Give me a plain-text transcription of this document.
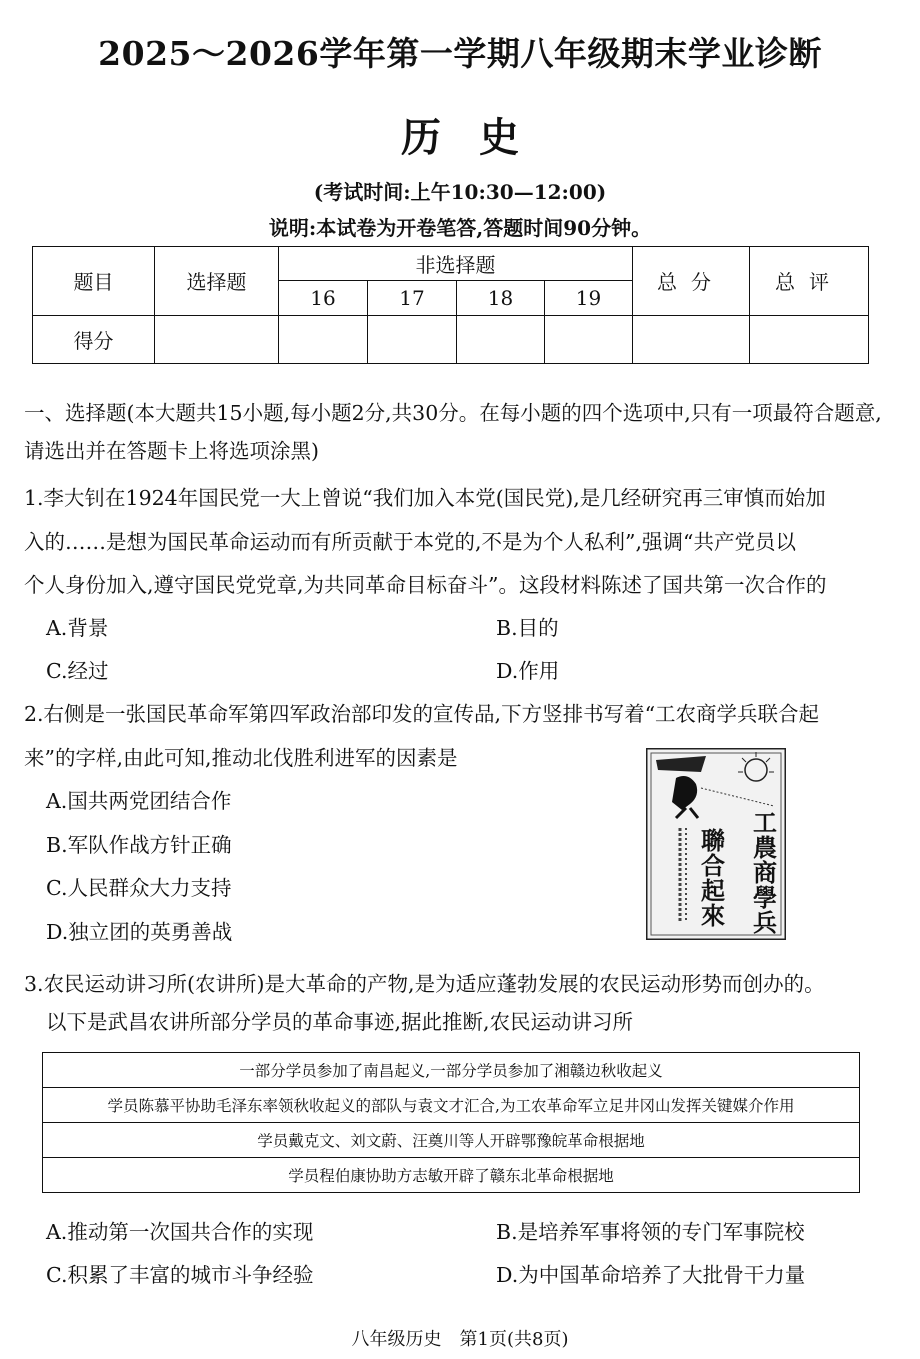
2025～2026学年第一学期八年级期末学业诊断
历史
(考试时间:上午10:30—12:00)
说明:本试卷为开卷笔答,答题时间90分钟。
题目	选择题	非选择题				总分	总评
		16	17	18	19		
得分							
一、选择题(本大题共15小题,每小题2分,共30分。在每小题的四个选项中,只有一项最符合题意,请选出并在答题卡上将选项涂黑)
1.李大钊在1924年国民党一大上曾说“我们加入本党(国民党),是几经研究再三审慎而始加
入的……是想为国民革命运动而有所贡献于本党的,不是为个人私利”,强调“共产党员以
个人身份加入,遵守国民党党章,为共同革命目标奋斗”。这段材料陈述了国共第一次合作的
A.背景	B.目的
C.经过	D.作用
2.右侧是一张国民革命军第四军政治部印发的宣传品,下方竖排书写着“工农商学兵联合起
来”的字样,由此可知,推动北伐胜利进军的因素是
A.国共两党团结合作
B.军队作战方针正确
C.人民群众大力支持
D.独立团的英勇善战
工農商學兵
聯合起來
3.农民运动讲习所(农讲所)是大革命的产物,是为适应蓬勃发展的农民运动形势而创办的。
以下是武昌农讲所部分学员的革命事迹,据此推断,农民运动讲习所
一部分学员参加了南昌起义,一部分学员参加了湘赣边秋收起义
学员陈慕平协助毛泽东率领秋收起义的部队与袁文才汇合,为工农革命军立足井冈山发挥关键媒介作用
学员戴克文、刘文蔚、汪奠川等人开辟鄂豫皖革命根据地
学员程伯康协助方志敏开辟了赣东北革命根据地
A.推动第一次国共合作的实现	B.是培养军事将领的专门军事院校
C.积累了丰富的城市斗争经验	D.为中国革命培养了大批骨干力量
八年级历史　第1页(共8页)
